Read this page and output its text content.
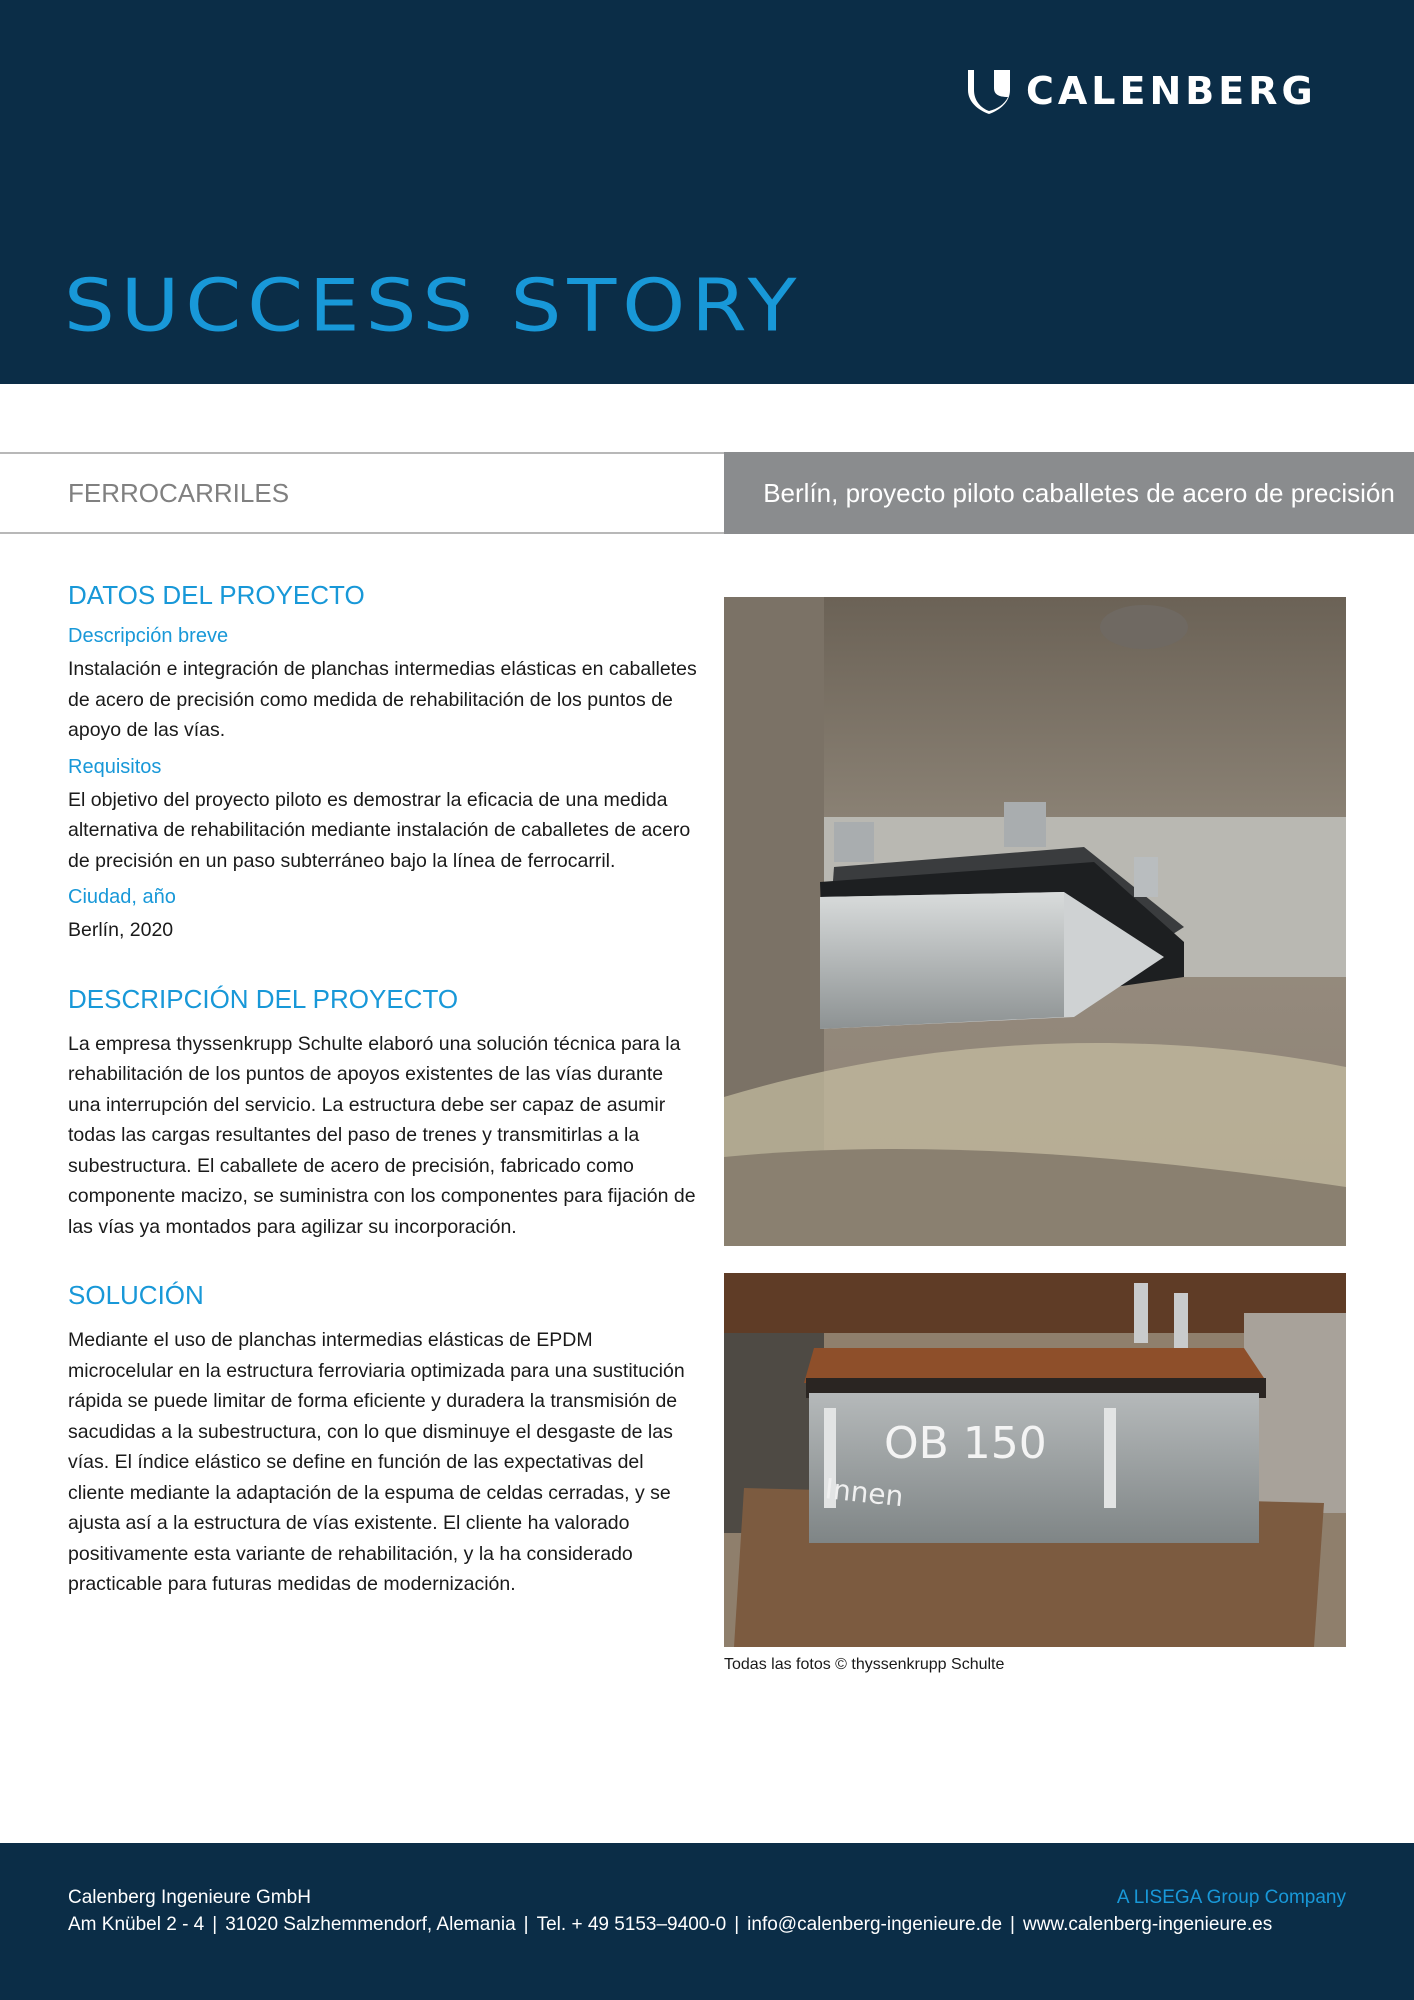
CALENBERG
SUCCESS STORY
FERROCARRILES	Berlín, proyecto piloto caballetes de acero de precisión
DATOS DEL PROYECTO
Descripción breve

Instalación e integración de planchas intermedias elásticas en caballetes de acero de precisión como medida de rehabilitación de los puntos de apoyo de las vías.

Requisitos

El objetivo del proyecto piloto es demostrar la eficacia de una medida alternativa de rehabilitación mediante instalación de caballetes de acero de precisión en un paso subterráneo bajo la línea de ferrocarril.

Ciudad, año

Berlín, 2020

DESCRIPCIÓN DEL PROYECTO

La empresa thyssenkrupp Schulte elaboró una solución técnica para la rehabilitación de los puntos de apoyos existentes de las vías durante una interrupción del servicio. La estructura debe ser capaz de asumir todas las cargas resultantes del paso de trenes y transmitirlas a la subestructura. El caballete de acero de precisión, fabricado como componente macizo, se suministra con los componentes para fijación de las vías ya montados para agilizar su incorporación.

SOLUCIÓN

Mediante el uso de planchas intermedias elásticas de EPDM microcelular en la estructura ferroviaria optimizada para una sustitución rápida se puede limitar de forma eficiente y duradera la transmisión de sacudidas a la subestructura, con lo que disminuye el desgaste de las vías. El índice elástico se define en función de las expectativas del cliente mediante la adaptación de la espuma de celdas cerradas, y se ajusta así a la estructura de vías existente. El cliente ha valorado positivamente esta variante de rehabilitación, y la ha considerado practicable para futuras medidas de modernización.

OB 150
Innen
Todas las fotos © thyssenkrupp Schulte
Calenberg Ingenieure GmbH	A LISEGA Group Company
Am Knübel 2 - 4 | 31020 Salzhemmendorf, Alemania | Tel. + 49 5153–9400-0 | info@calenberg-ingenieure.de | www.calenberg-ingenieure.es
